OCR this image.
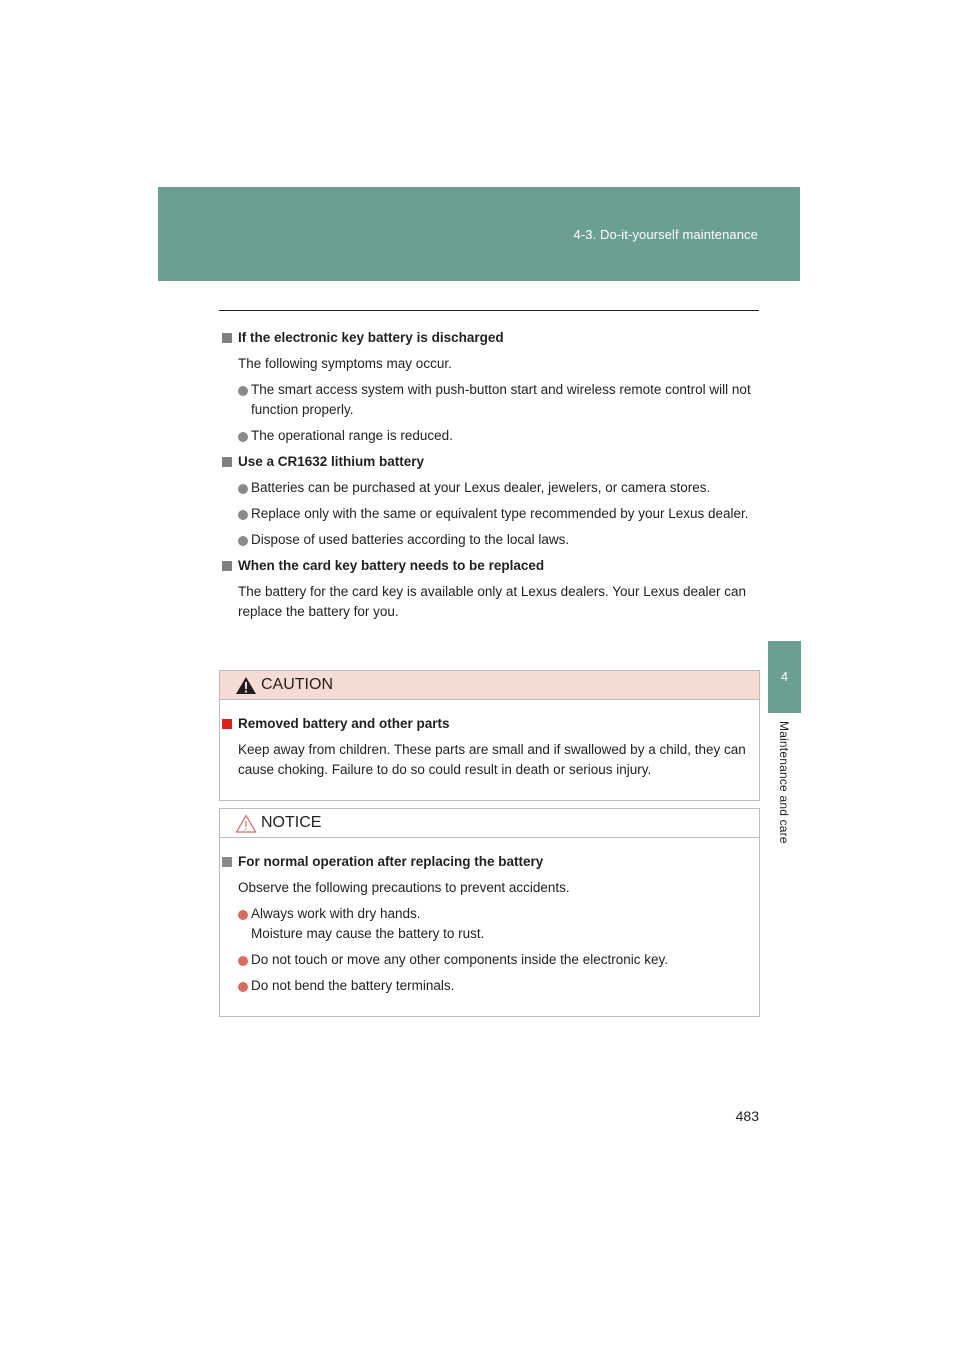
4-3. Do-it-yourself maintenance
4
Maintenance and care
If the electronic key battery is discharged
The following symptoms may occur.
The smart access system with push-button start and wireless remote control will not function properly.
The operational range is reduced.
Use a CR1632 lithium battery
Batteries can be purchased at your Lexus dealer, jewelers, or camera stores.
Replace only with the same or equivalent type recommended by your Lexus dealer.
Dispose of used batteries according to the local laws.
When the card key battery needs to be replaced
The battery for the card key is available only at Lexus dealers. Your Lexus dealer can replace the battery for you.
CAUTION
Removed battery and other parts
Keep away from children. These parts are small and if swallowed by a child, they can cause choking. Failure to do so could result in death or serious injury.
NOTICE
For normal operation after replacing the battery
Observe the following precautions to prevent accidents.
Always work with dry hands.
Moisture may cause the battery to rust.
Do not touch or move any other components inside the electronic key.
Do not bend the battery terminals.
483
